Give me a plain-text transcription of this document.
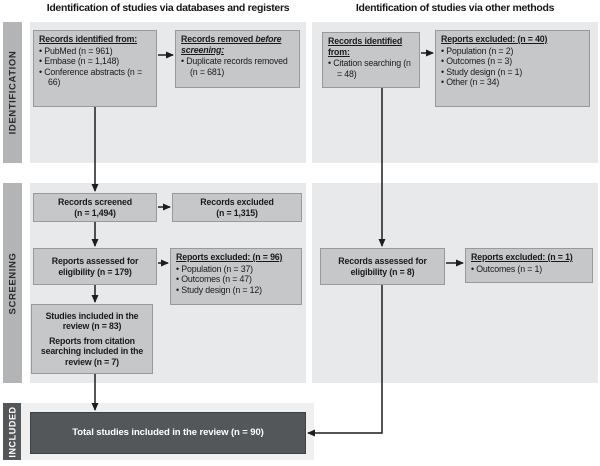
Identification of studies via databases and registers	Identification of studies via other methods
IDENTIFICATION
SCREENING
INCLUDED
Records identified from:
• PubMed (n = 961)
• Embase (n = 1,148)
• Conference abstracts (n = 66)
Records removed before screening:
• Duplicate records removed (n = 681)
Records screened
(n = 1,494)
Records excluded
(n = 1,315)
Reports assessed for eligibility (n = 179)
Reports excluded: (n = 96)
• Population (n = 37)
• Outcomes (n = 47)
• Study design (n = 12)
Studies included in the review (n = 83)
Reports from citation searching included in the review (n = 7)
Total studies included in the review (n = 90)
Records identified from:
• Citation searching (n = 48)
Reports excluded: (n = 40)
• Population (n = 2)
• Outcomes (n = 3)
• Study design (n = 1)
• Other (n = 34)
Records assessed for eligibility (n = 8)
Reports excluded: (n = 1)
• Outcomes (n = 1)
